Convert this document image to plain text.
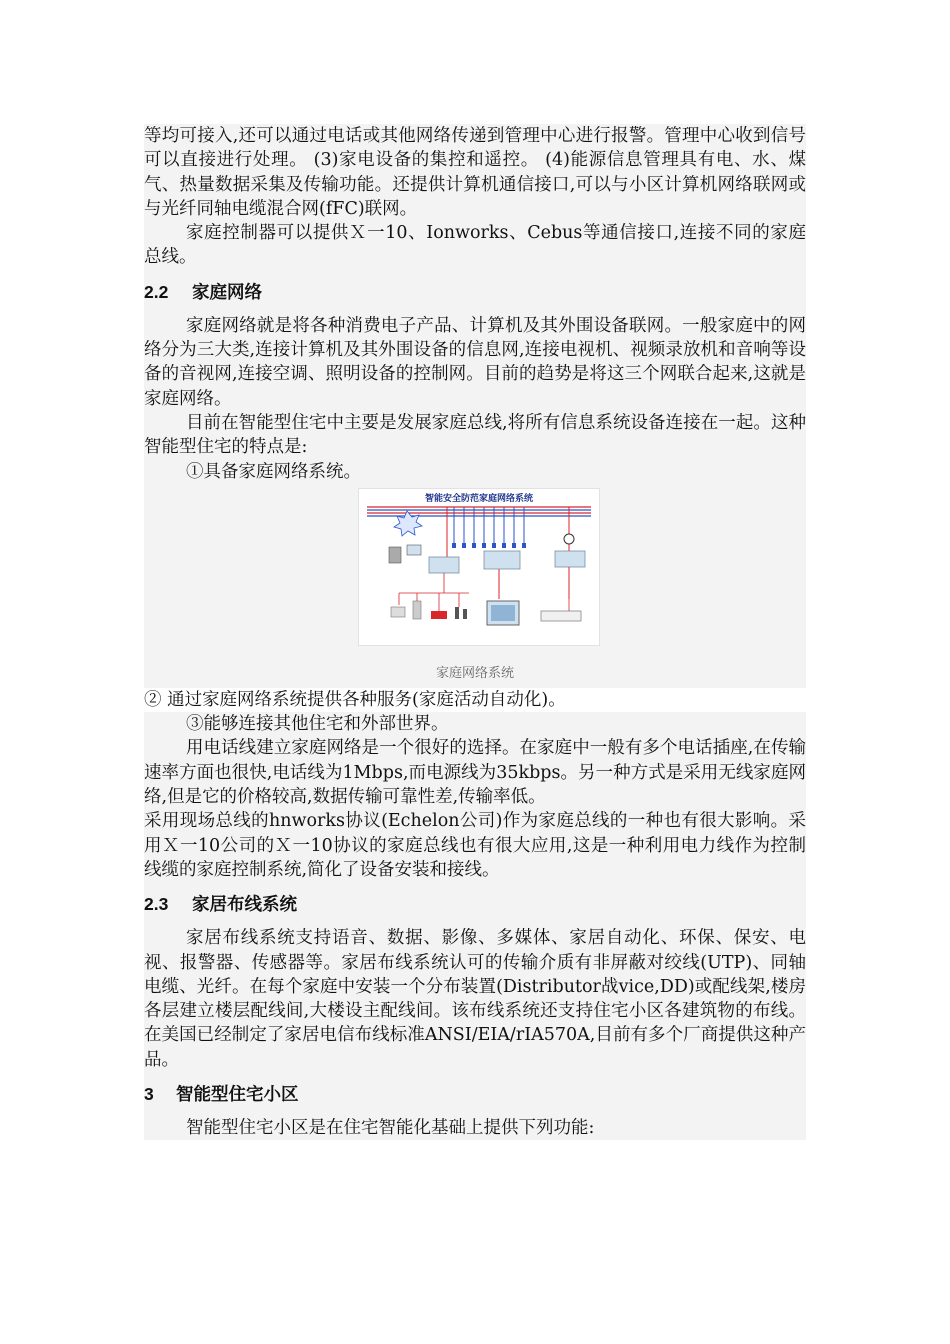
等均可接入,还可以通过电话或其他网络传递到管理中心进行报警。管理中心收到信号可以直接进行处理。 (3)家电设备的集控和遥控。 (4)能源信息管理具有电、水、煤气、热量数据采集及传输功能。还提供计算机通信接口,可以与小区计算机网络联网或与光纤同轴电缆混合网(fFC)联网。

家庭控制器可以提供Ｘ一10、Ionworks、Cebus等通信接口,连接不同的家庭总线。

2.2 家庭网络

家庭网络就是将各种消费电子产品、计算机及其外围设备联网。一般家庭中的网络分为三大类,连接计算机及其外围设备的信息网,连接电视机、视频录放机和音响等设备的音视网,连接空调、照明设备的控制网。目前的趋势是将这三个网联合起来,这就是家庭网络。

目前在智能型住宅中主要是发展家庭总线,将所有信息系统设备连接在一起。这种智能型住宅的特点是:

①具备家庭网络系统。

智能安全防范家庭网络系统
家庭网络系统

② 通过家庭网络系统提供各种服务(家庭活动自动化)。

③能够连接其他住宅和外部世界。

用电话线建立家庭网络是一个很好的选择。在家庭中一般有多个电话插座,在传输速率方面也很快,电话线为1Mbps,而电源线为35kbps。另一种方式是采用无线家庭网络,但是它的价格较高,数据传输可靠性差,传输率低。

采用现场总线的hnworks协议(Echelon公司)作为家庭总线的一种也有很大影响。采用Ｘ一10公司的Ｘ一10协议的家庭总线也有很大应用,这是一种利用电力线作为控制线缆的家庭控制系统,简化了设备安装和接线。

2.3 家居布线系统

家居布线系统支持语音、数据、影像、多媒体、家居自动化、环保、保安、电视、报警器、传感器等。家居布线系统认可的传输介质有非屏蔽对绞线(UTP)、同轴电缆、光纤。在每个家庭中安装一个分布装置(Distributor战vice,DD)或配线架,楼房各层建立楼层配线间,大楼设主配线间。该布线系统还支持住宅小区各建筑物的布线。在美国已经制定了家居电信布线标准ANSI/EIA/rIA570A,目前有多个厂商提供这种产品。

3 智能型住宅小区

智能型住宅小区是在住宅智能化基础上提供下列功能:
